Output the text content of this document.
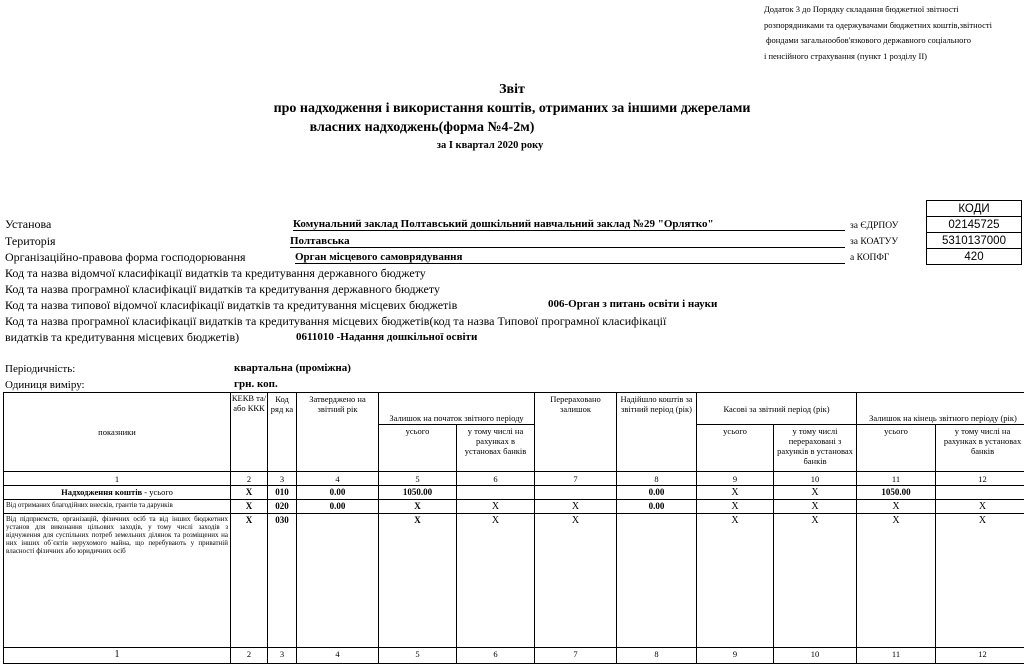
Додаток 3 до Порядку складання бюджетної звітності
розпорядниками та одержувачами бюджетних коштів,звітності
фондами загальнообов'язкового державного соціального
і пенсійного страхування (пункт 1 розділу ІІ)
Звіт
про надходження і використання коштів, отриманих за іншими джерелами
власних надходжень(форма №4-2м)
за I квартал 2020 року
КОДИ
02145725
5310137000
420
Установа	Комунальний заклад Полтавський дошкільний навчальний заклад №29 "Орлятко"	за ЄДРПОУ
Територія	Полтавська	за КОАТУУ
Організаційно-правова форма господорювання	Орган місцевого самоврядування	а КОПФГ
Код та назва відомчої класифікації видатків та кредитування державного бюджету
Код та назва програмної класифікації видатків та кредитування державного бюджету
Код та назва типової відомчої класифікації видатків та кредитування місцевих бюджетів	006-Орган з питань освіти і науки
Код та назва програмної класифікації видатків та кредитування місцевих бюджетів(код та назва Типової програмної класифікації
видатків та кредитування місцевих бюджетів)	0611010 -Надання дошкільної освіти
Періодичність:	квартальна (проміжна)
Одиниця виміру:	грн. коп.
показники	КЕКВ та/або ККК	Код ряд ка	Затверджено на звітний рік	Залишок на початок звітного періоду		Перераховано залишок	Надійшло коштів за звітний період (рік)	Касові за звітний період (рік)		Залишок на кінець звітного періоду (рік)	
				усього	у тому числі на рахунках в установах банків			усього	у тому числі перераховані з рахунків в установах банків	усього	у тому числі на рахунках в установах банків
1	2	3	4	5	6	7	8	9	10	11	12
Надходження коштів - усього	X	010	0.00	1050.00			0.00	X	X	1050.00	
Від отриманих благодійних внесків, грантів та дарунків	X	020	0.00	X	X	X	0.00	X	X	X	X
Від підприємств, організацій, фізичних осіб та від інших бюджетних установ для виконання цільових заходів, у тому числі заходів з відчуження для суспільних потреб земельних ділянок та розміщених на них інших об`єктів нерухомого майна, що перебувають у приватній власності фізичних або юридичних осіб	X	030		X	X	X		X	X	X	X
1	2	3	4	5	6	7	8	9	10	11	12
